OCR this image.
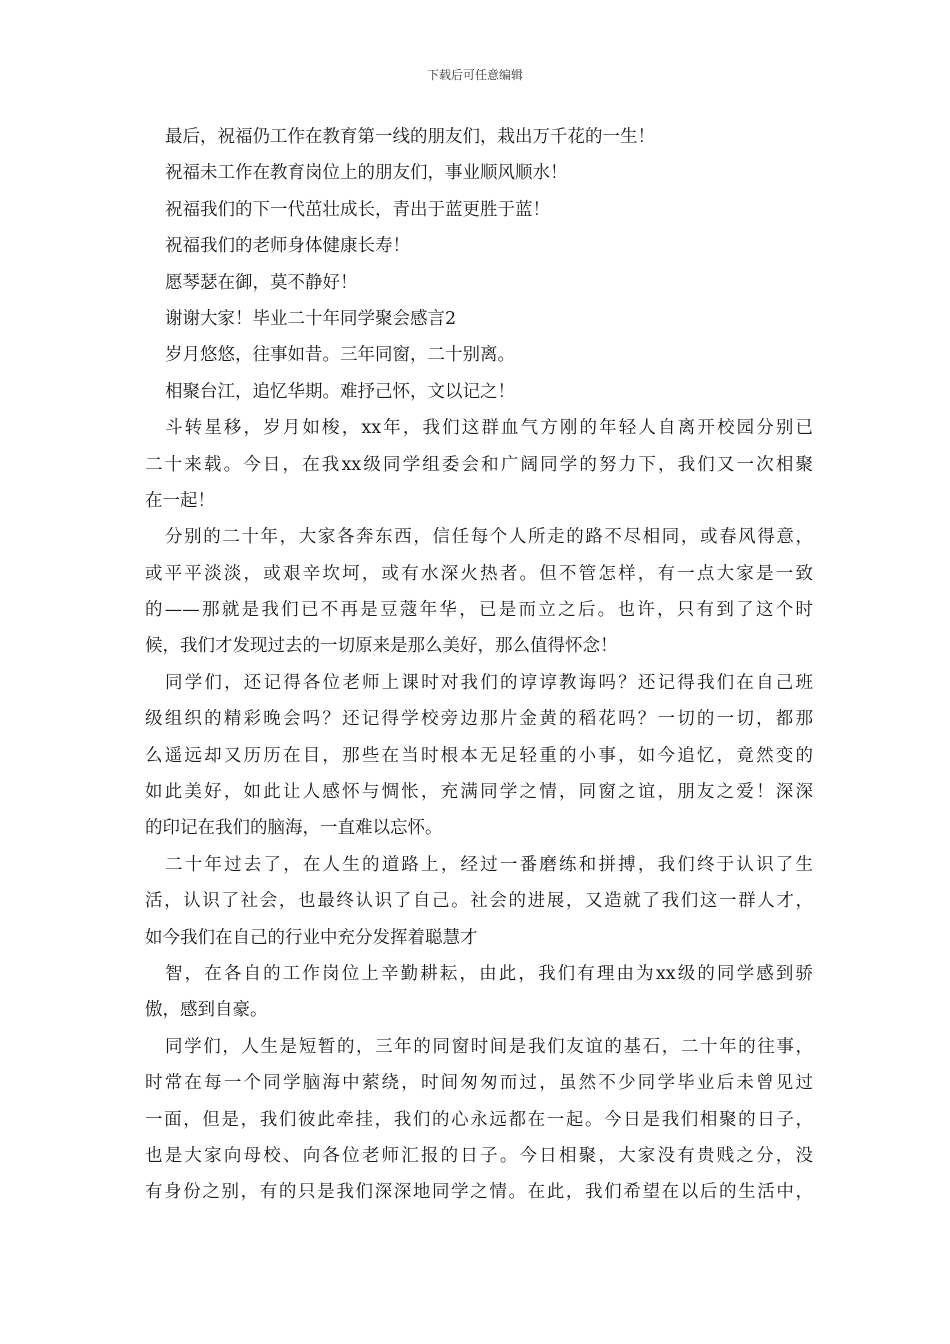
下载后可任意编辑
最后，祝福仍工作在教育第一线的朋友们，栽出万千花的一生！
祝福未工作在教育岗位上的朋友们，事业顺风顺水！
祝福我们的下一代茁壮成长，青出于蓝更胜于蓝！
祝福我们的老师身体健康长寿！
愿琴瑟在御，莫不静好！
谢谢大家！毕业二十年同学聚会感言2
岁月悠悠，往事如昔。三年同窗，二十别离。
相聚台江，追忆华期。难抒己怀，文以记之！
斗转星移，岁月如梭，xx年，我们这群血气方刚的年轻人自离开校园分别已
二十来载。今日，在我xx级同学组委会和广阔同学的努力下，我们又一次相聚
在一起！
分别的二十年，大家各奔东西，信任每个人所走的路不尽相同，或春风得意，
或平平淡淡，或艰辛坎坷，或有水深火热者。但不管怎样，有一点大家是一致
的——那就是我们已不再是豆蔻年华，已是而立之后。也许，只有到了这个时
候，我们才发现过去的一切原来是那么美好，那么值得怀念！
同学们，还记得各位老师上课时对我们的谆谆教诲吗？还记得我们在自己班
级组织的精彩晚会吗？还记得学校旁边那片金黄的稻花吗？一切的一切，都那
么遥远却又历历在目，那些在当时根本无足轻重的小事，如今追忆，竟然变的
如此美好，如此让人感怀与惆怅，充满同学之情，同窗之谊，朋友之爱！深深
的印记在我们的脑海，一直难以忘怀。
二十年过去了，在人生的道路上，经过一番磨练和拼搏，我们终于认识了生
活，认识了社会，也最终认识了自己。社会的进展，又造就了我们这一群人才，
如今我们在自己的行业中充分发挥着聪慧才
智，在各自的工作岗位上辛勤耕耘，由此，我们有理由为xx级的同学感到骄
傲，感到自豪。
同学们，人生是短暂的，三年的同窗时间是我们友谊的基石，二十年的往事，
时常在每一个同学脑海中萦绕，时间匆匆而过，虽然不少同学毕业后未曾见过
一面，但是，我们彼此牵挂，我们的心永远都在一起。今日是我们相聚的日子，
也是大家向母校、向各位老师汇报的日子。今日相聚，大家没有贵贱之分，没
有身份之别，有的只是我们深深地同学之情。在此，我们希望在以后的生活中，
